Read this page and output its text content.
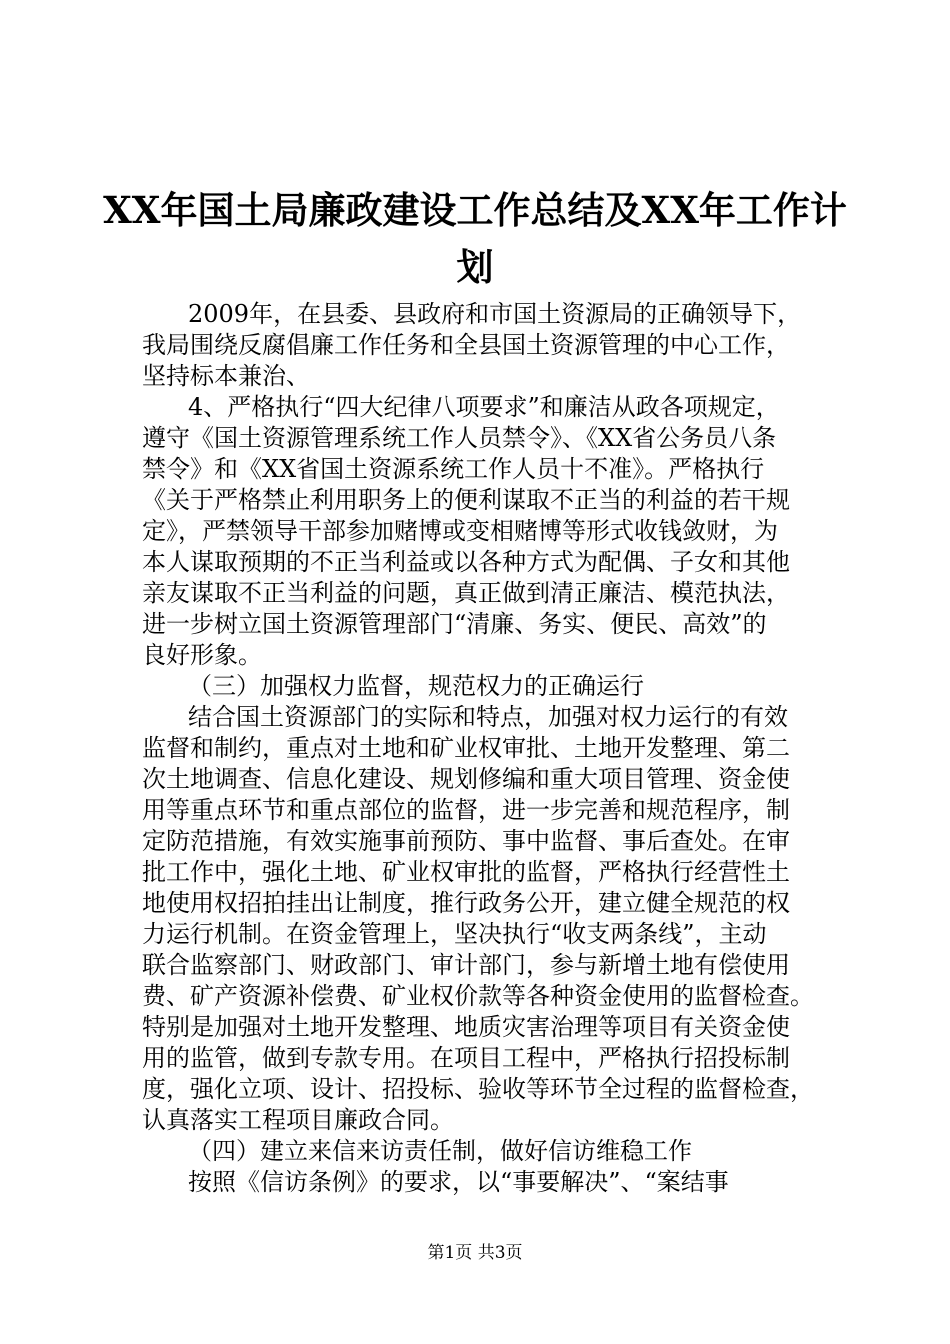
XX年国土局廉政建设工作总结及XX年工作计
划
2009年，在县委、县政府和市国土资源局的正确领导下，
我局围绕反腐倡廉工作任务和全县国土资源管理的中心工作，
坚持标本兼治、
4、严格执行“四大纪律八项要求”和廉洁从政各项规定，
遵守《国土资源管理系统工作人员禁令》、《XX省公务员八条
禁令》和《XX省国土资源系统工作人员十不准》。严格执行
《关于严格禁止利用职务上的便利谋取不正当的利益的若干规
定》，严禁领导干部参加赌博或变相赌博等形式收钱敛财，为
本人谋取预期的不正当利益或以各种方式为配偶、子女和其他
亲友谋取不正当利益的问题，真正做到清正廉洁、模范执法，
进一步树立国土资源管理部门“清廉、务实、便民、高效”的
良好形象。
（三）加强权力监督，规范权力的正确运行
结合国土资源部门的实际和特点，加强对权力运行的有效
监督和制约，重点对土地和矿业权审批、土地开发整理、第二
次土地调查、信息化建设、规划修编和重大项目管理、资金使
用等重点环节和重点部位的监督，进一步完善和规范程序，制
定防范措施，有效实施事前预防、事中监督、事后查处。在审
批工作中，强化土地、矿业权审批的监督，严格执行经营性土
地使用权招拍挂出让制度，推行政务公开，建立健全规范的权
力运行机制。在资金管理上，坚决执行“收支两条线”，主动
联合监察部门、财政部门、审计部门，参与新增土地有偿使用
费、矿产资源补偿费、矿业权价款等各种资金使用的监督检查。
特别是加强对土地开发整理、地质灾害治理等项目有关资金使
用的监管，做到专款专用。在项目工程中，严格执行招投标制
度，强化立项、设计、招投标、验收等环节全过程的监督检查，
认真落实工程项目廉政合同。
（四）建立来信来访责任制，做好信访维稳工作
按照《信访条例》的要求，以“事要解决”、“案结事
第1页 共3页
